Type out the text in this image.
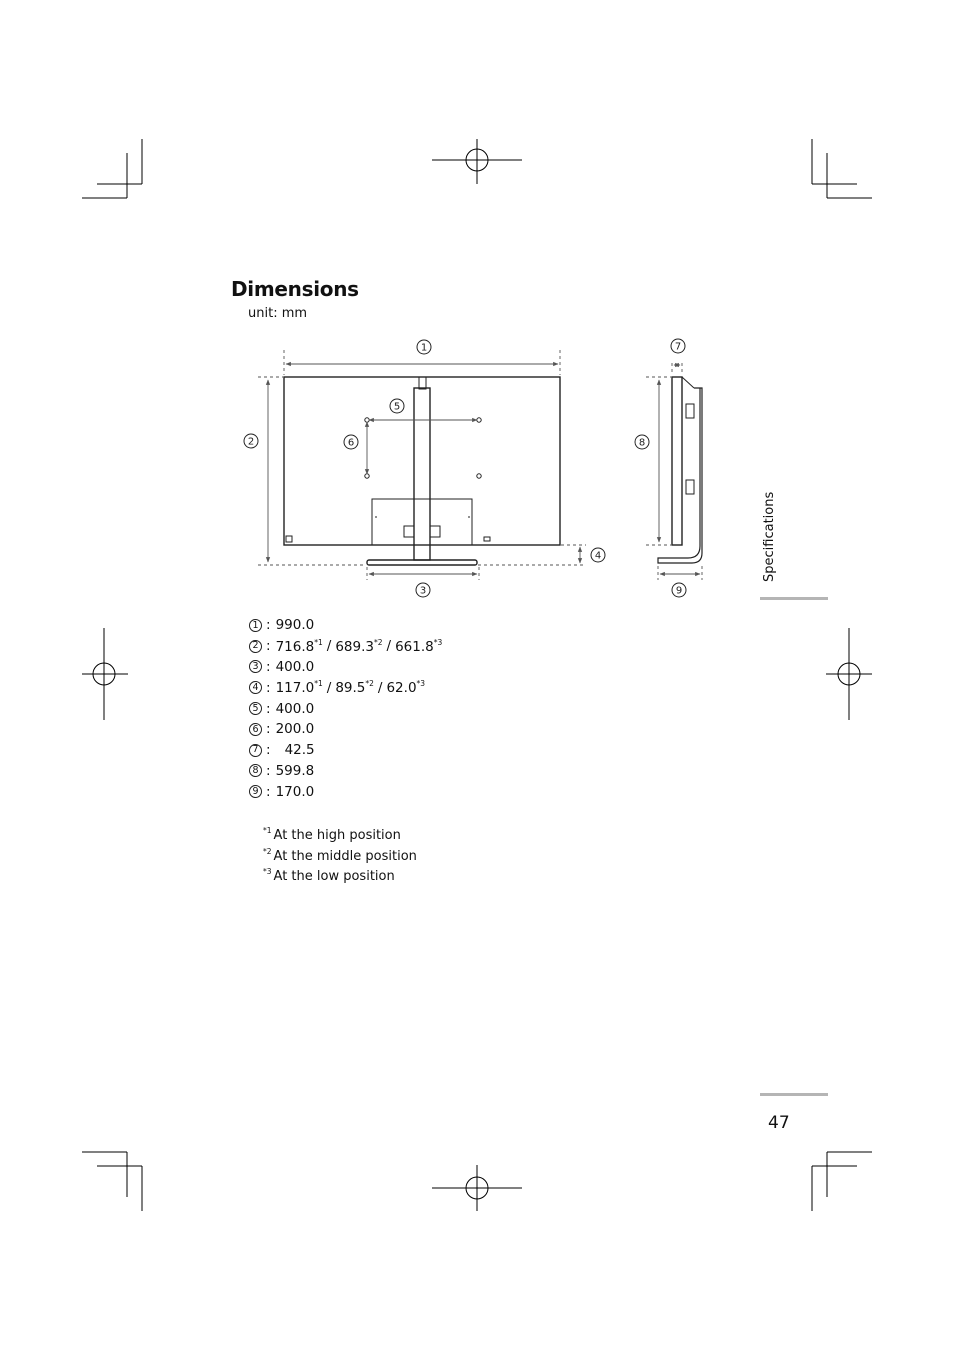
Dimensions
unit: mm
1
2
3
4
5
6
7
8
9
1 : 990.0
2 : 716.8$^{*1}$ / 689.3$^{*2}$ / 661.8$^{*3}$
3 : 400.0
4 : 117.0$^{*1}$ / 89.5$^{*2}$ / 62.0$^{*3}$
5 : 400.0
6 : 200.0
7 : 42.5
8 : 599.8
9 : 170.0
$^{*1}$ At the high position
$^{*2}$ At the middle position
$^{*3}$ At the low position
Specifications
47
